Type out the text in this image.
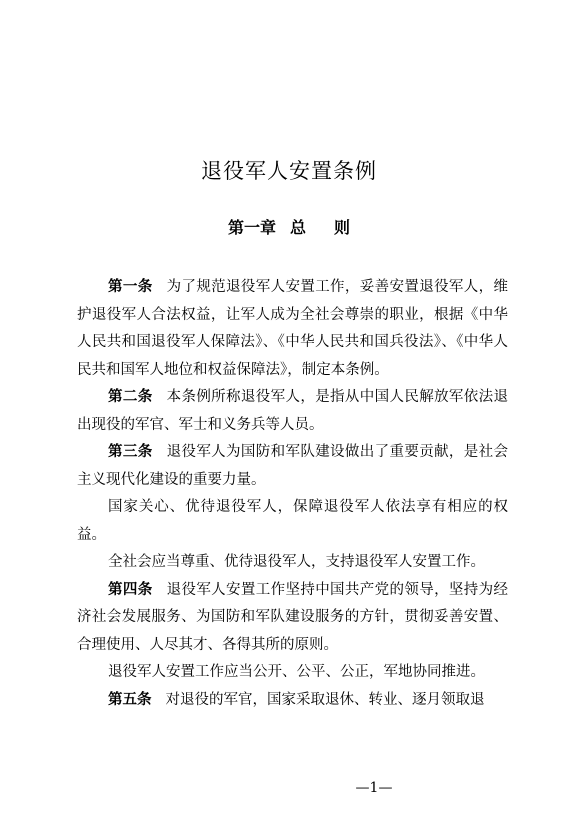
退役军人安置条例
第一章 总 则

第一条 为了规范退役军人安置工作，妥善安置退役军人，维护退役军人合法权益，让军人成为全社会尊崇的职业，根据《中华人民共和国退役军人保障法》、《中华人民共和国兵役法》、《中华人民共和国军人地位和权益保障法》，制定本条例。

第二条 本条例所称退役军人，是指从中国人民解放军依法退出现役的军官、军士和义务兵等人员。

第三条 退役军人为国防和军队建设做出了重要贡献，是社会主义现代化建设的重要力量。

国家关心、优待退役军人，保障退役军人依法享有相应的权益。

全社会应当尊重、优待退役军人，支持退役军人安置工作。

第四条 退役军人安置工作坚持中国共产党的领导，坚持为经济社会发展服务、为国防和军队建设服务的方针，贯彻妥善安置、合理使用、人尽其才、各得其所的原则。

退役军人安置工作应当公开、公平、公正，军地协同推进。

第五条 对退役的军官，国家采取退休、转业、逐月领取退

—1—
